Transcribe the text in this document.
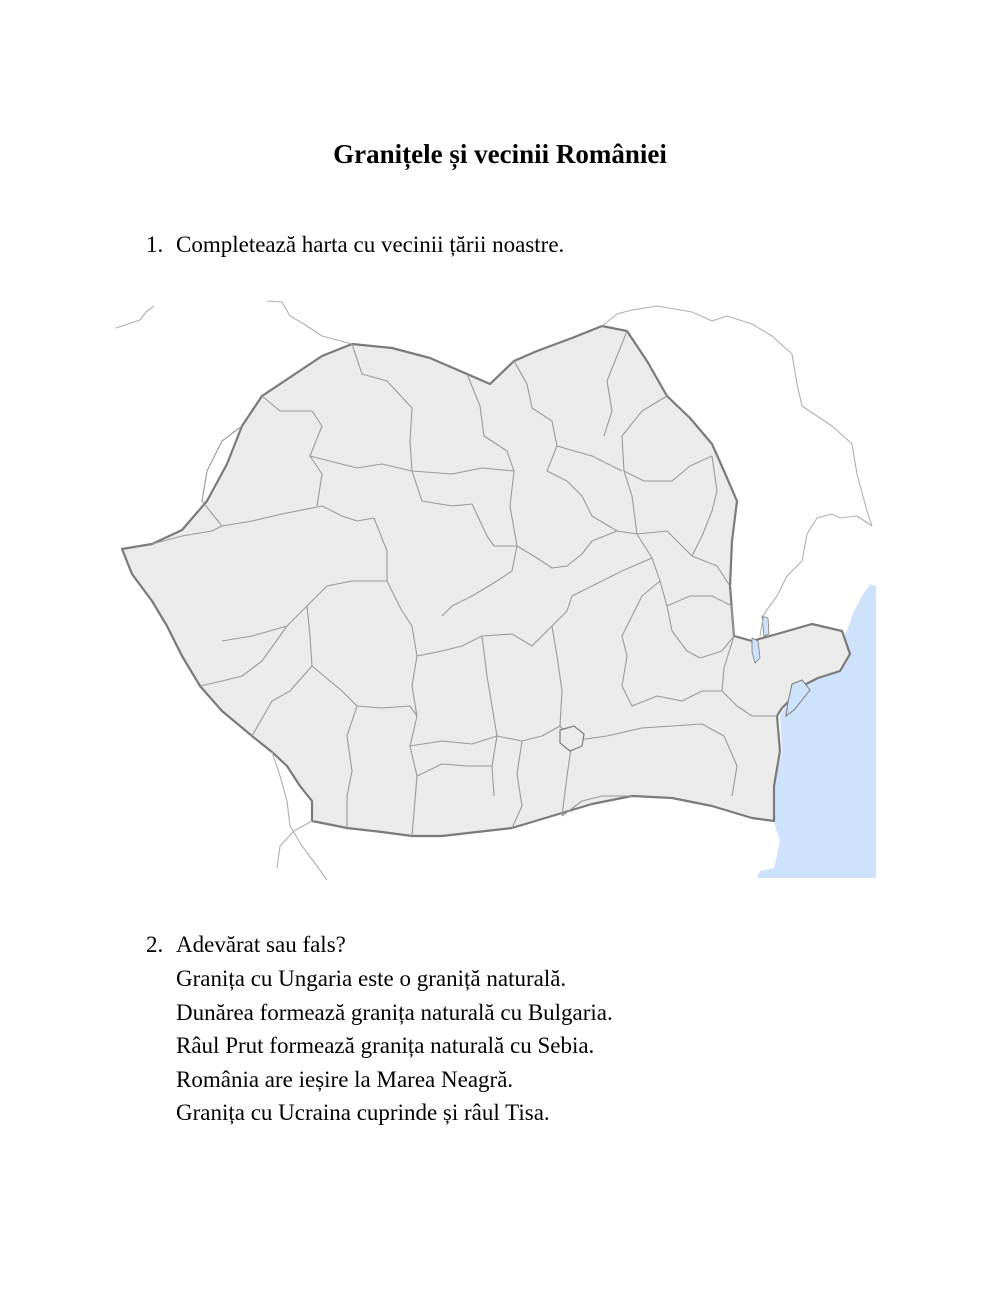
Granițele și vecinii României
1. Completează harta cu vecinii țării noastre.
2. Adevărat sau fals?
Granița cu Ungaria este o graniță naturală.
Dunărea formează granița naturală cu Bulgaria.
Râul Prut formează granița naturală cu Sebia.
România are ieșire la Marea Neagră.
Granița cu Ucraina cuprinde și râul Tisa.
